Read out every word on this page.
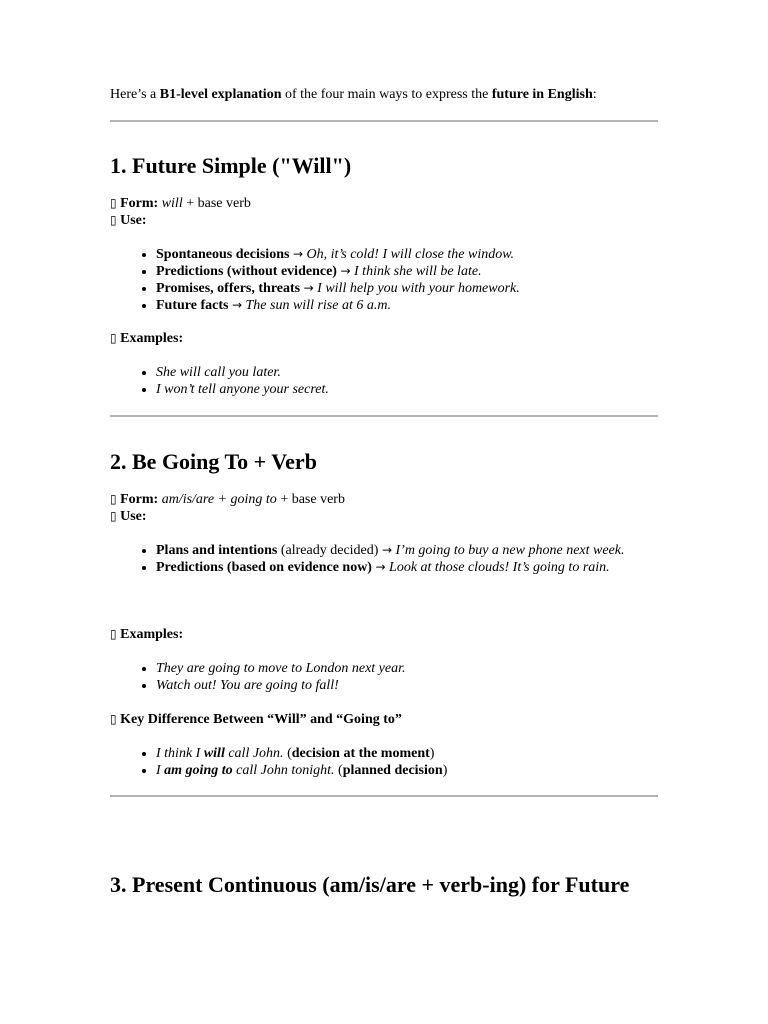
Here’s a B1-level explanation of the four main ways to express the future in English:

1. Future Simple ("Will")

▯ Form: will + base verb

▯ Use:

• Spontaneous decisions → Oh, it’s cold! I will close the window.
• Predictions (without evidence) → I think she will be late.
• Promises, offers, threats → I will help you with your homework.
• Future facts → The sun will rise at 6 a.m.

▯ Examples:

• She will call you later.
• I won’t tell anyone your secret.
2. Be Going To + Verb

▯ Form: am/is/are + going to + base verb

▯ Use:

• Plans and intentions (already decided) → I’m going to buy a new phone next week.
• Predictions (based on evidence now) → Look at those clouds! It’s going to rain.

▯ Examples:

• They are going to move to London next year.
• Watch out! You are going to fall!

▯ Key Difference Between “Will” and “Going to”

• I think I will call John. (decision at the moment)
• I am going to call John tonight. (planned decision)
3. Present Continuous (am/is/are + verb-ing) for Future
